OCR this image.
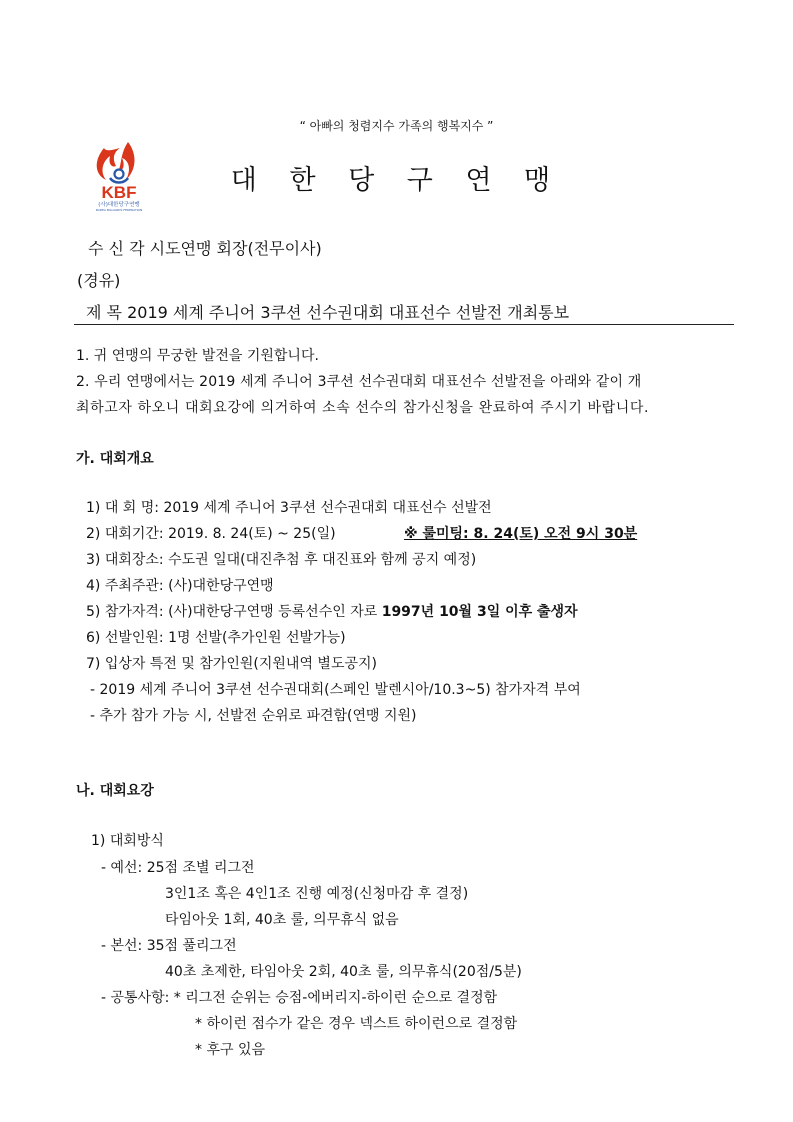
“ 아빠의 청렴지수 가족의 행복지수 ”
KBF
(사)대한당구연맹
KOREA BILLIARDS FEDERATION
대 한 당 구 연 맹
수 신 각 시도연맹 회장(전무이사)
(경유)
제 목 2019 세계 주니어 3쿠션 선수권대회 대표선수 선발전 개최통보
1. 귀 연맹의 무궁한 발전을 기원합니다.
2. 우리 연맹에서는 2019 세계 주니어 3쿠션 선수권대회 대표선수 선발전을 아래와 같이 개
최하고자 하오니 대회요강에 의거하여 소속 선수의 참가신청을 완료하여 주시기 바랍니다.
가. 대회개요
1) 대 회 명: 2019 세계 주니어 3쿠션 선수권대회 대표선수 선발전
2) 대회기간: 2019. 8. 24(토) ~ 25(일)	※ 룰미팅: 8. 24(토) 오전 9시 30분
3) 대회장소: 수도권 일대(대진추첨 후 대진표와 함께 공지 예정)
4) 주최주관: (사)대한당구연맹
5) 참가자격: (사)대한당구연맹 등록선수인 자로 1997년 10월 3일 이후 출생자
6) 선발인원: 1명 선발(추가인원 선발가능)
7) 입상자 특전 및 참가인원(지원내역 별도공지)
- 2019 세계 주니어 3쿠션 선수권대회(스페인 발렌시아/10.3~5) 참가자격 부여
- 추가 참가 가능 시, 선발전 순위로 파견함(연맹 지원)
나. 대회요강
1) 대회방식
- 예선: 25점 조별 리그전
3인1조 혹은 4인1조 진행 예정(신청마감 후 결정)
타임아웃 1회, 40초 룰, 의무휴식 없음
- 본선: 35점 풀리그전
40초 초제한, 타임아웃 2회, 40초 룰, 의무휴식(20점/5분)
- 공통사항: * 리그전 순위는 승점-에버리지-하이런 순으로 결정함
* 하이런 점수가 같은 경우 넥스트 하이런으로 결정함
* 후구 있음
